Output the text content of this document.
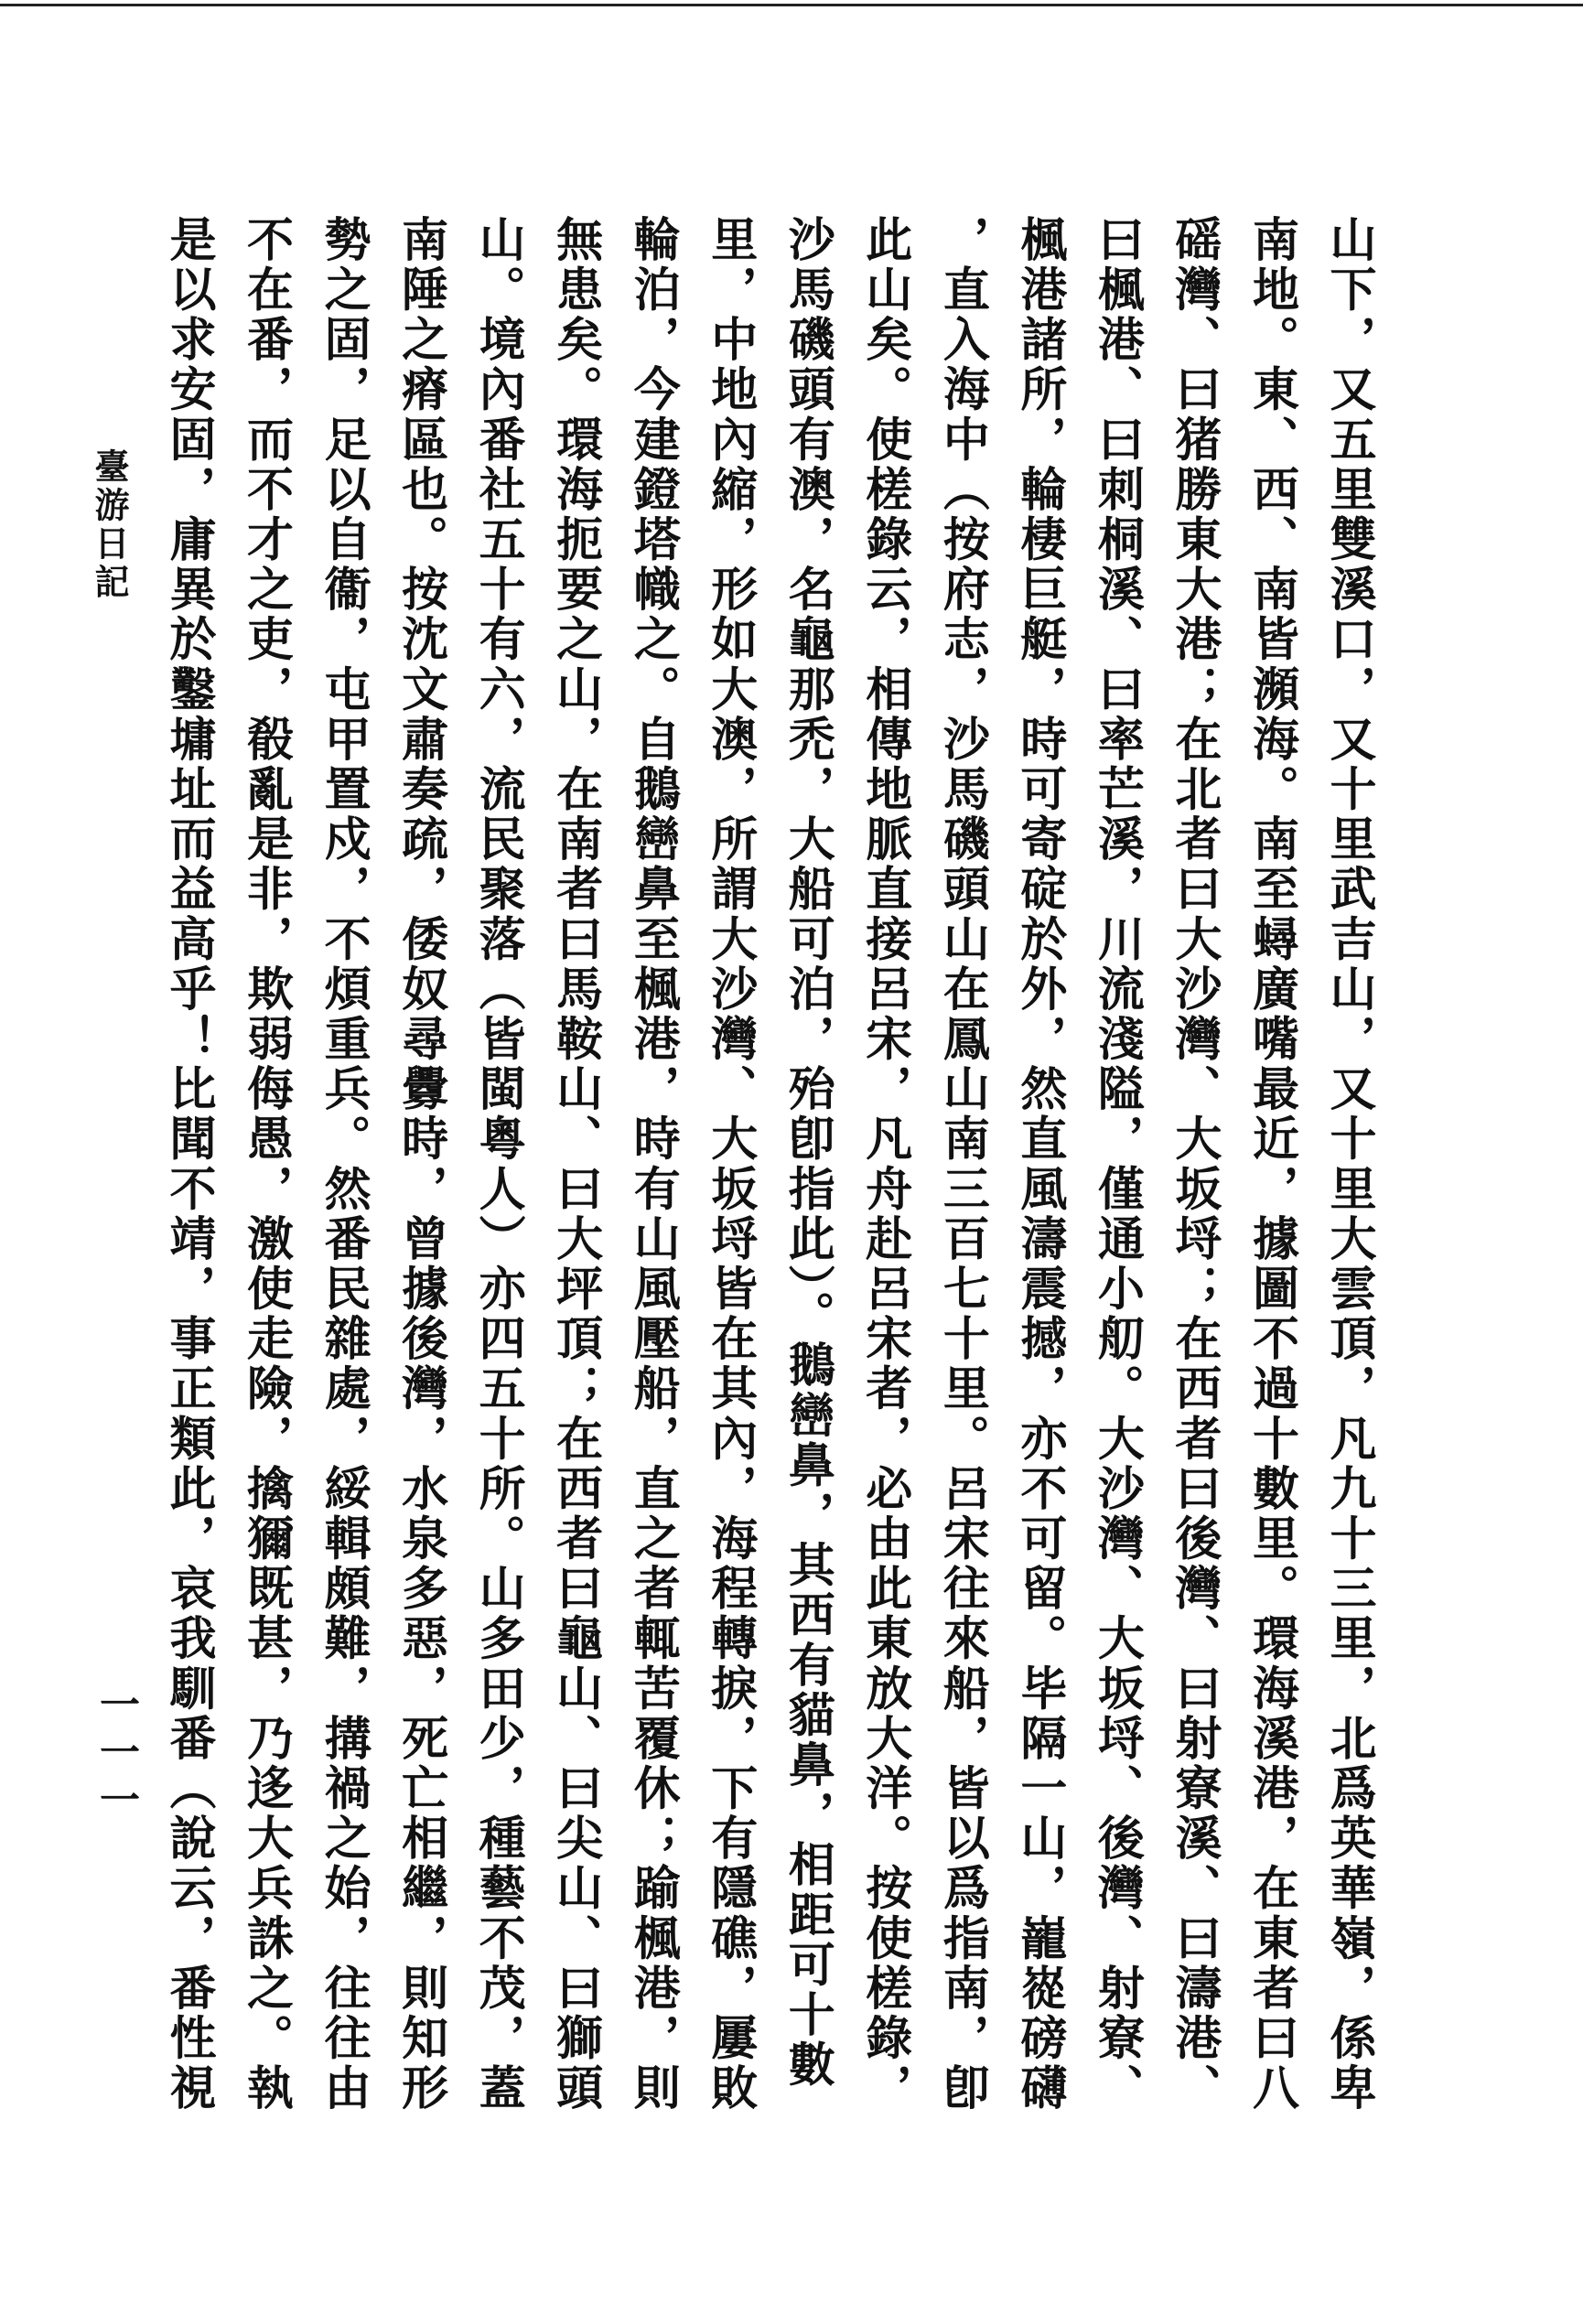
山下，又五里雙溪口，又十里武吉山，又十里大雲頂，凡九十三里，北爲英華嶺，係卑
南地。東、西、南皆瀕海。南至蟳廣嘴最近，據圖不過十數里。環海溪港，在東者曰八
磘灣、曰猪勝東大港；在北者曰大沙灣、大坂埒；在西者曰後灣、曰射寮溪、曰濤港、
曰楓港、曰刺桐溪、曰率芒溪，川流淺隘，僅通小舠。大沙灣、大坂埒、後灣、射寮、
楓港諸所，輪棲巨艇，時可寄碇於外，然直風濤震撼，亦不可留。毕隔一山，巃嵸磅礴
，直入海中（按府志，沙馬磯頭山在鳳山南三百七十里。呂宋往來船，皆以爲指南，卽
此山矣。使槎錄云，相傳地脈直接呂宋，凡舟赴呂宋者，必由此東放大洋。按使槎錄，
沙馬磯頭有澳，名龜那禿，大船可泊，殆卽指此）。鵝巒鼻，其西有貓鼻，相距可十數
里，中地內縮，形如大澳，所謂大沙灣、大坂埒皆在其內，海程轉捩，下有隱礁，屢敗
輪泊，今建鐙塔幟之。自鵝巒鼻至楓港，時有山風壓船，直之者輒苦覆休；踰楓港，則
無患矣。環海扼要之山，在南者曰馬鞍山、曰大坪頂；在西者曰龜山、曰尖山、曰獅頭
山。境內番社五十有六，流民聚落（皆閩粵人）亦四五十所。山多田少，種藝不茂，蓋
南陲之瘠區也。按沈文肅奏疏，倭奴尋釁時，曾據後灣，水泉多惡，死亡相繼，則知形
勢之固，足以自衞，屯甲置戍，不煩重兵。然番民雜處，綏輯頗難，搆禍之始，往往由
不在番，而不才之吏，殽亂是非，欺弱侮愚，激使走險，擒獮既甚，乃迻大兵誅之。執
是以求安固，庸異於鑿墉址而益高乎！比聞不靖，事正類此，哀我馴番（說云，番性視
臺游日記
一一一
